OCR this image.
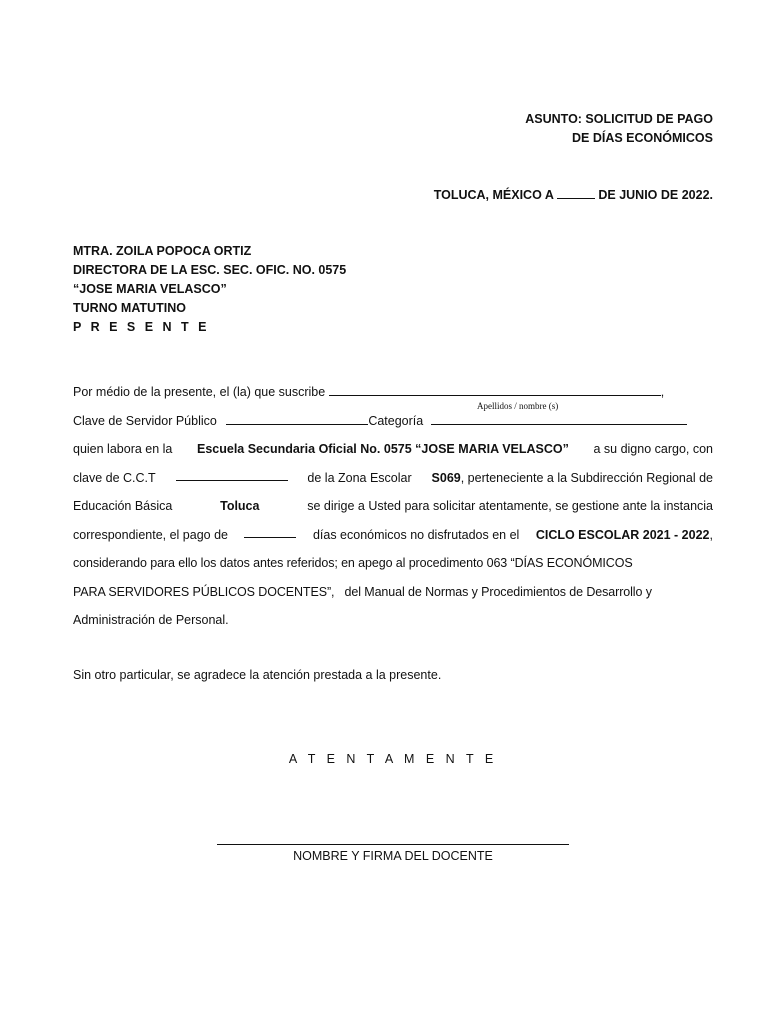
ASUNTO: SOLICITUD DE PAGO
DE DÍAS ECONÓMICOS
TOLUCA, MÉXICO A	DE JUNIO DE 2022.
MTRA. ZOILA POPOCA ORTIZ
DIRECTORA DE LA ESC. SEC. OFIC. NO. 0575
“JOSE MARIA VELASCO”
TURNO MATUTINO
P R E S E N T E
Por médio de la presente, el (la) que suscribe	,
Apellidos / nombre (s)
Clave de Servidor Público	Categoría
quien labora en la Escuela Secundaria Oficial No. 0575 “JOSE MARIA VELASCO” a su digno cargo, con
clave de C.C.T	de la Zona Escolar S069, perteneciente a la Subdirección Regional de
Educación Básica	Toluca	se dirige a Usted para solicitar atentamente, se gestione ante la instancia
correspondiente, el pago de	días económicos no disfrutados en el CICLO ESCOLAR 2021 - 2022,
considerando para ello los datos antes referidos; en apego al procedimento 063 “DÍAS ECONÓMICOS
PARA SERVIDORES PÚBLICOS DOCENTES”,   del Manual de Normas y Procedimientos de Desarrollo y
Administración de Personal.
Sin otro particular, se agradece la atención prestada a la presente.
A T E N T A M E N T E
NOMBRE Y FIRMA DEL DOCENTE
